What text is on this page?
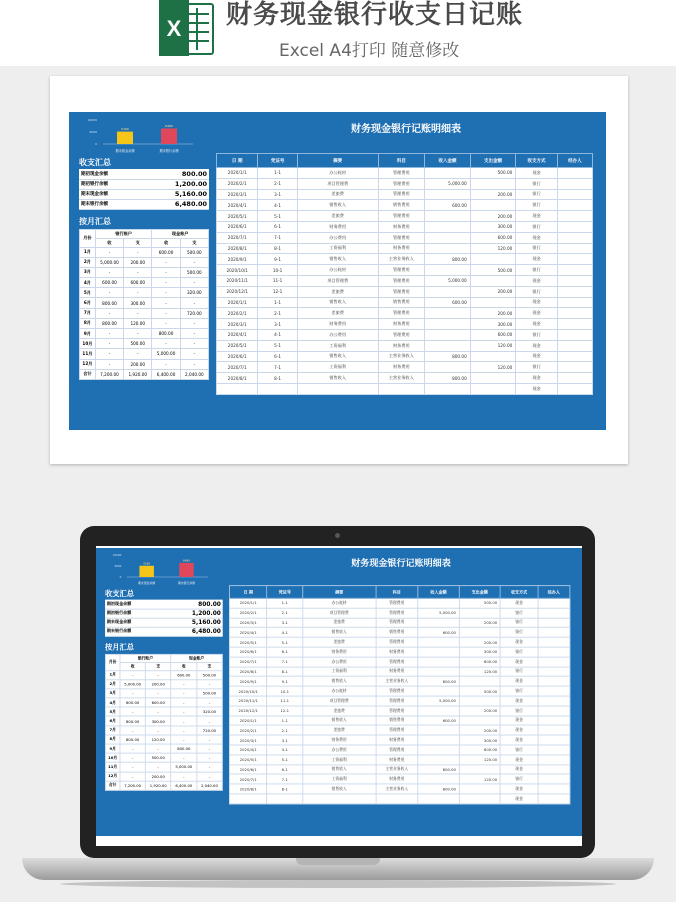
X 财务现金银行收支日记账
Excel A4打印 随意修改
10000
5000
0
5160
期末现金余额
6480
期末银行余额
收支汇总
期初现金余额	800.00
期初银行余额	1,200.00
期末现金余额	5,160.00
期末银行余额	6,480.00
按月汇总
月份	银行账户		现金账户	
	收	支	收	支
1月	-	-	600.00	500.00
2月	5,000.00	200.00	-	-
3月	-	-	-	500.00
4月	600.00	600.00	-	-
5月	-	-	-	320.00
6月	800.00	300.00	-	-
7月	-	-	-	720.00
8月	800.00	120.00	-	-
9月	-	-	800.00	-
10月	-	500.00	-	-
11月	-	-	5,000.00	-
12月	-	200.00	-	-
合计	7,200.00	1,920.00	6,400.00	2,040.00
财务现金银行记账明细表
日 期	凭证号	摘要	科目	收入金额	支出金额	收支方式	经办人
2020/1/1	1-1	办公耗材	管理费用		500.00	现金	
2020/2/1	2-1	项目管理费	管理费用	5,000.00		银行	
2020/3/1	3-1	差旅费	管理费用		200.00	银行	
2020/4/1	4-1	销售收入	销售费用	600.00		银行	
2020/5/1	5-1	差旅费	管理费用		200.00	现金	
2020/6/1	6-1	财务费用	财务费用		300.00	银行	
2020/7/1	7-1	办公费用	管理费用		600.00	现金	
2020/8/1	8-1	工资福利	财务费用		120.00	银行	
2020/9/1	9-1	销售收入	主营业务收入	800.00		现金	
2020/10/1	10-1	办公耗材	管理费用		500.00	银行	
2020/11/1	11-1	项目管理费	管理费用	5,000.00		现金	
2020/12/1	12-1	差旅费	管理费用		200.00	银行	
2020/1/1	1-1	销售收入	销售费用	600.00		现金	
2020/2/1	2-1	差旅费	管理费用		200.00	现金	
2020/3/1	3-1	财务费用	财务费用		300.00	现金	
2020/4/1	4-1	办公费用	管理费用		600.00	银行	
2020/5/1	5-1	工资福利	财务费用		120.00	现金	
2020/6/1	6-1	销售收入	主营业务收入	800.00		现金	
2020/7/1	7-1	工资福利	财务费用		120.00	银行	
2020/8/1	8-1	销售收入	主营业务收入	800.00		现金	
						现金	
10000
5000
0
5160
期末现金余额
6480
期末银行余额
收支汇总
期初现金余额	800.00
期初银行余额	1,200.00
期末现金余额	5,160.00
期末银行余额	6,480.00
按月汇总
月份	银行账户		现金账户	
	收	支	收	支
1月	-	-	600.00	500.00
2月	5,000.00	200.00	-	-
3月	-	-	-	500.00
4月	600.00	600.00	-	-
5月	-	-	-	320.00
6月	800.00	300.00	-	-
7月	-	-	-	720.00
8月	800.00	120.00	-	-
9月	-	-	800.00	-
10月	-	500.00	-	-
11月	-	-	5,000.00	-
12月	-	200.00	-	-
合计	7,200.00	1,920.00	6,400.00	2,040.00
财务现金银行记账明细表
日 期	凭证号	摘要	科目	收入金额	支出金额	收支方式	经办人
2020/1/1	1-1	办公耗材	管理费用		500.00	现金	
2020/2/1	2-1	项目管理费	管理费用	5,000.00		银行	
2020/3/1	3-1	差旅费	管理费用		200.00	银行	
2020/4/1	4-1	销售收入	销售费用	600.00		银行	
2020/5/1	5-1	差旅费	管理费用		200.00	现金	
2020/6/1	6-1	财务费用	财务费用		300.00	银行	
2020/7/1	7-1	办公费用	管理费用		600.00	现金	
2020/8/1	8-1	工资福利	财务费用		120.00	银行	
2020/9/1	9-1	销售收入	主营业务收入	800.00		现金	
2020/10/1	10-1	办公耗材	管理费用		500.00	银行	
2020/11/1	11-1	项目管理费	管理费用	5,000.00		现金	
2020/12/1	12-1	差旅费	管理费用		200.00	银行	
2020/1/1	1-1	销售收入	销售费用	600.00		现金	
2020/2/1	2-1	差旅费	管理费用		200.00	现金	
2020/3/1	3-1	财务费用	财务费用		300.00	现金	
2020/4/1	4-1	办公费用	管理费用		600.00	银行	
2020/5/1	5-1	工资福利	财务费用		120.00	现金	
2020/6/1	6-1	销售收入	主营业务收入	800.00		现金	
2020/7/1	7-1	工资福利	财务费用		120.00	银行	
2020/8/1	8-1	销售收入	主营业务收入	800.00		现金	
						现金	
